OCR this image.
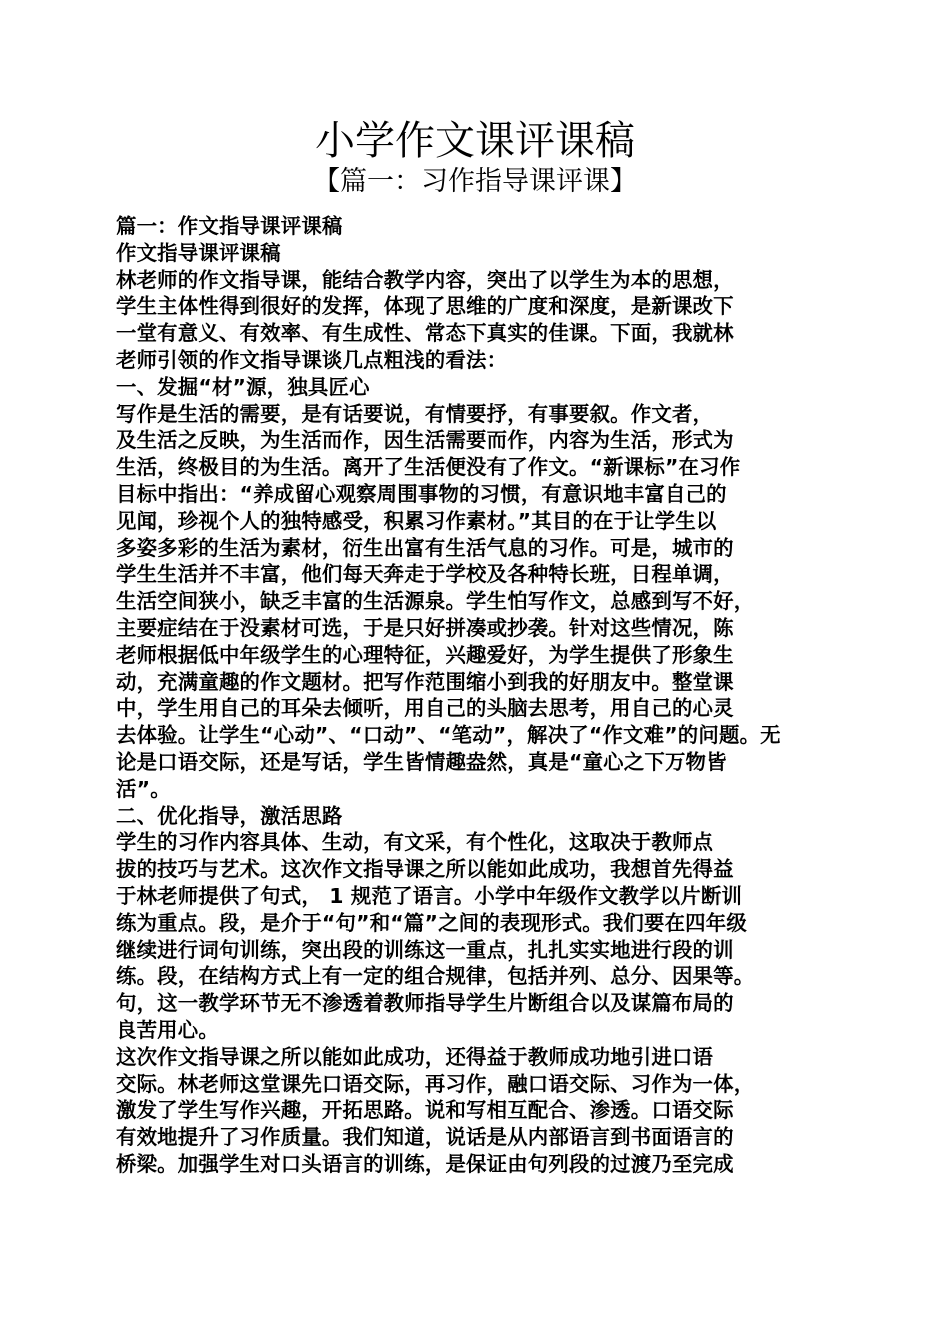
小学作文课评课稿
【篇一：习作指导课评课】
篇一：作文指导课评课稿
作文指导课评课稿
林老师的作文指导课，能结合教学内容，突出了以学生为本的思想，
学生主体性得到很好的发挥，体现了思维的广度和深度，是新课改下
一堂有意义、有效率、有生成性、常态下真实的佳课。下面，我就林
老师引领的作文指导课谈几点粗浅的看法：
一、发掘“材”源，独具匠心
写作是生活的需要，是有话要说，有情要抒，有事要叙。作文者，
及生活之反映，为生活而作，因生活需要而作，内容为生活，形式为
生活，终极目的为生活。离开了生活便没有了作文。“新课标”在习作
目标中指出：“养成留心观察周围事物的习惯，有意识地丰富自己的
见闻，珍视个人的独特感受，积累习作素材。”其目的在于让学生以
多姿多彩的生活为素材，衍生出富有生活气息的习作。可是，城市的
学生生活并不丰富，他们每天奔走于学校及各种特长班，日程单调，
生活空间狭小，缺乏丰富的生活源泉。学生怕写作文，总感到写不好，
主要症结在于没素材可选，于是只好拼凑或抄袭。针对这些情况，陈
老师根据低中年级学生的心理特征，兴趣爱好，为学生提供了形象生
动，充满童趣的作文题材。把写作范围缩小到我的好朋友中。整堂课
中，学生用自己的耳朵去倾听，用自己的头脑去思考，用自己的心灵
去体验。让学生“心动”、“口动”、“笔动”，解决了“作文难”的问题。无
论是口语交际，还是写话，学生皆情趣盎然，真是“童心之下万物皆
活”。
二、优化指导，激活思路
学生的习作内容具体、生动，有文采，有个性化，这取决于教师点
拔的技巧与艺术。这次作文指导课之所以能如此成功，我想首先得益
于林老师提供了句式， 1 规范了语言。小学中年级作文教学以片断训
练为重点。段，是介于“句”和“篇”之间的表现形式。我们要在四年级
继续进行词句训练，突出段的训练这一重点，扎扎实实地进行段的训
练。段，在结构方式上有一定的组合规律，包括并列、总分、因果等。
句，这一教学环节无不渗透着教师指导学生片断组合以及谋篇布局的
良苦用心。
这次作文指导课之所以能如此成功，还得益于教师成功地引进口语
交际。林老师这堂课先口语交际，再习作，融口语交际、习作为一体，
激发了学生写作兴趣，开拓思路。说和写相互配合、渗透。口语交际
有效地提升了习作质量。我们知道，说话是从内部语言到书面语言的
桥梁。加强学生对口头语言的训练，是保证由句列段的过渡乃至完成
